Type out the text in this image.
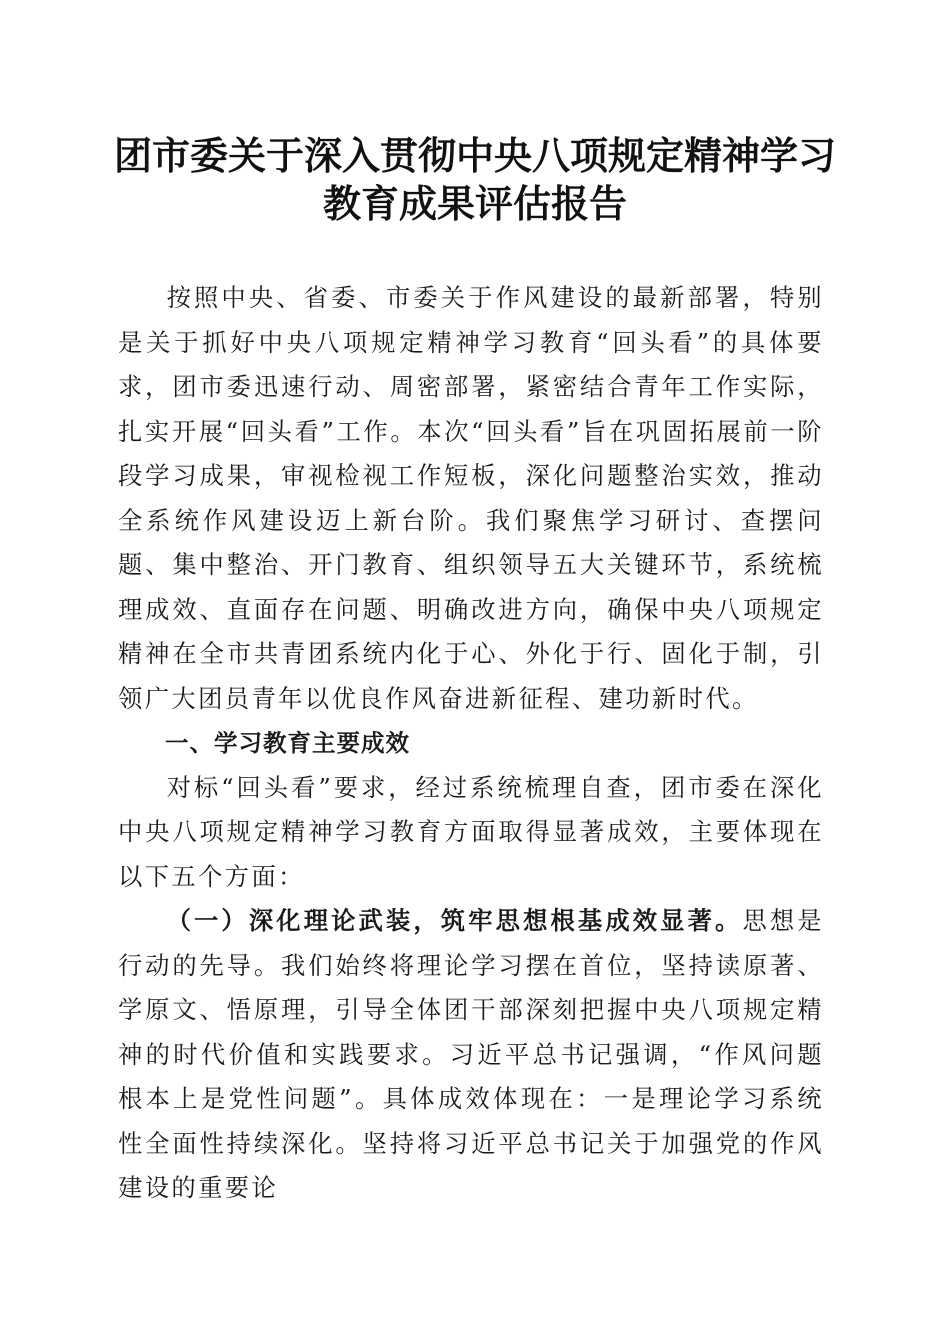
团市委关于深入贯彻中央八项规定精神学习教育成果评估报告

按照中央、省委、市委关于作风建设的最新部署，特别是关于抓好中央八项规定精神学习教育“回头看”的具体要求，团市委迅速行动、周密部署，紧密结合青年工作实际，扎实开展“回头看”工作。本次“回头看”旨在巩固拓展前一阶段学习成果，审视检视工作短板，深化问题整治实效，推动全系统作风建设迈上新台阶。我们聚焦学习研讨、查摆问题、集中整治、开门教育、组织领导五大关键环节，系统梳理成效、直面存在问题、明确改进方向，确保中央八项规定精神在全市共青团系统内化于心、外化于行、固化于制，引领广大团员青年以优良作风奋进新征程、建功新时代。

一、学习教育主要成效

对标“回头看”要求，经过系统梳理自查，团市委在深化中央八项规定精神学习教育方面取得显著成效，主要体现在以下五个方面：

（一）深化理论武装，筑牢思想根基成效显著。思想是行动的先导。我们始终将理论学习摆在首位，坚持读原著、学原文、悟原理，引导全体团干部深刻把握中央八项规定精神的时代价值和实践要求。习近平总书记强调，“作风问题根本上是党性问题”。具体成效体现在：一是理论学习系统性全面性持续深化。坚持将习近平总书记关于加强党的作风建设的重要论
